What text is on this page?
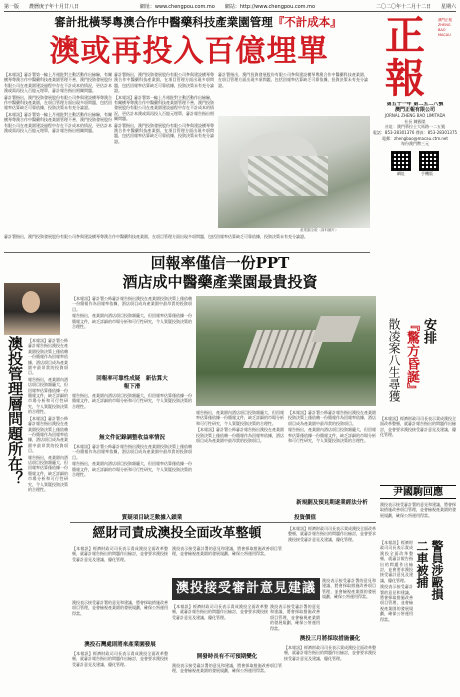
第一版　　農曆庚子年十月廿八日	網址：www.chengpou.com.mo　　網站：http://www.chengpou.com.mo	二〇二〇年十二月十二日　　星期六
審計批橫琴粵澳合作中醫藥科技產業園管理『不計成本』
澳或再投入百億埋單	正
報
澳門正報 ZHENG BAO MACAU
第五十一年 第二五二八號
澳門正報有限公司
JORNAL ZHENG BAO LIMITADA
社長 陳國榮
社址：澳門慕拉士大馬路一二五號
電話：853-28301376 傳真：853-28301375
電郵：zhengbao@macau.ctm.net
每份澳門幣三元
網址　　　　手機版

【本報訊】審計署第一輪上月週批對主動活動作出檢驗，有關橫琴粵澳合作中醫藥科技產業園管理不善，澳門投資發展股份有限公司在產業園建設過程中存在不計成本的情況，更估計本澳或需再投入百億元埋單，審計報告指出相關問題。

審計署指出，澳門投資發展股份有限公司參與建設橫琴粵澳合作中醫藥科技產業園，在項目管理方面出現多項問題，包括回報率估算缺乏可靠依據，投資決策未有充分論證。

【本報訊】審計署第一輪上月週批對主動活動作出檢驗，有關橫琴粵澳合作中醫藥科技產業園管理不善，澳門投資發展股份有限公司在產業園建設過程中存在不計成本的情況，更估計本澳或需再投入百億元埋單，審計報告指出相關問題。

審計署指出，澳門投資發展股份有限公司參與建設橫琴粵澳合作中醫藥科技產業園，在項目管理方面出現多項問題，包括回報率估算缺乏可靠依據，投資決策未有充分論證。

【本報訊】審計署第一輪上月週批對主動活動作出檢驗，有關橫琴粵澳合作中醫藥科技產業園管理不善，澳門投資發展股份有限公司在產業園建設過程中存在不計成本的情況，更估計本澳或需再投入百億元埋單，審計報告指出相關問題。

審計署指出，澳門投資發展股份有限公司參與建設橫琴粵澳合作中醫藥科技產業園，在項目管理方面出現多項問題，包括回報率估算缺乏可靠依據，投資決策未有充分論證。

審計署指出，澳門投資發展股份有限公司參與建設橫琴粵澳合作中醫藥科技產業園，在項目管理方面出現多項問題，包括回報率估算缺乏可靠依據，投資決策未有充分論證。

產業園全貌（資料圖片）

審計署指出，澳門投資發展股份有限公司參與建設橫琴粵澳合作中醫藥科技產業園，在項目管理方面出現多項問題，包括回報率估算缺乏可靠依據，投資決策未有充分論證。

回報率僅信一份PPT
酒店成中醫藥產業園最貴投資
澳投管理層問題所在？	【本報訊】審計署公佈審計報告指出澳投在產業園投資決策上僅依賴一份簡報作為回報率依據，酒店項目成為產業園中最昂貴的投資項目。

報告指出，產業園內酒店項目投資額龐大，但回報率估算僅依據一份簡報文件，缺乏詳細的市場分析和可行性研究，令人質疑投資決策的合理性。

【本報訊】審計署公佈審計報告指出澳投在產業園投資決策上僅依賴一份簡報作為回報率依據，酒店項目成為產業園中最昂貴的投資項目。

報告指出，產業園內酒店項目投資額龐大，但回報率估算僅依據一份簡報文件，缺乏詳細的市場分析和可行性研究，令人質疑投資決策的合理性。

【本報訊】審計署公佈審計報告指出澳投在產業園投資決策上僅依賴一份簡報作為回報率依據，酒店項目成為產業園中最昂貴的投資項目。

報告指出，產業園內酒店項目投資額龐大，但回報率估算僅依據一份簡報文件，缺乏詳細的市場分析和可行性研究，令人質疑投資決策的合理性。

回報率可靠性成疑　新估算大
報下滑

報告指出，產業園內酒店項目投資額龐大，但回報率估算僅依據一份簡報文件，缺乏詳細的市場分析和可行性研究，令人質疑投資決策的合理性。

無文件記錄調整收益率情況

【本報訊】審計署公佈審計報告指出澳投在產業園投資決策上僅依賴一份簡報作為回報率依據，酒店項目成為產業園中最昂貴的投資項目。

報告指出，產業園內酒店項目投資額龐大，但回報率估算僅依據一份簡報文件，缺乏詳細的市場分析和可行性研究，令人質疑投資決策的合理性。

質疑項目缺乏數據入鎖業	投資價值

報告指出，產業園內酒店項目投資額龐大，但回報率估算僅依據一份簡報文件，缺乏詳細的市場分析和可行性研究，令人質疑投資決策的合理性。

【本報訊】審計署公佈審計報告指出澳投在產業園投資決策上僅依賴一份簡報作為回報率依據，酒店項目成為產業園中最昂貴的投資項目。

【本報訊】審計署公佈審計報告指出澳投在產業園投資決策上僅依賴一份簡報作為回報率依據，酒店項目成為產業園中最昂貴的投資項目。

報告指出，產業園內酒店項目投資額龐大，但回報率估算僅依據一份簡報文件，缺乏詳細的市場分析和可行性研究，令人質疑投資決策的合理性。

新規劃及預見期遂業經法分析
安排
『驚方昏誕』
散凌案八生尋獲

【本報訊】經濟財政司司長表示責成澳投全面改革整頓，就審計報告指出的問題作出檢討，並會要求澳投接受審計意見及建議，優化管理。

尹國駒回應

澳投表示接受審計署的意見和建議，將會採取措施改善項目管理，並會檢視產業園的發展規劃，確保公帑運用得當。

警員涉毆損
二車被捕

【本報訊】經濟財政司司長表示責成澳投全面改革整頓，就審計報告指出的問題作出檢討，並會要求澳投接受審計意見及建議，優化管理。

澳投表示接受審計署的意見和建議，將會採取措施改善項目管理，並會檢視產業園的發展規劃，確保公帑運用得當。

經財司責成澳投全面改革整頓

【本報訊】經濟財政司司長表示責成澳投全面改革整頓，就審計報告指出的問題作出檢討，並會要求澳投接受審計意見及建議，優化管理。

澳投表示接受審計署的意見和建議，將會採取措施改善項目管理，並會檢視產業園的發展規劃，確保公帑運用得當。

【本報訊】經濟財政司司長表示責成澳投全面改革整頓，就審計報告指出的問題作出檢討，並會要求澳投接受審計意見及建議，優化管理。

澳投接受審計意見建議

澳投表示接受審計署的意見和建議，將會採取措施改善項目管理，並會檢視產業園的發展規劃，確保公帑運用得當。

澳投表示接受審計署的意見和建議，將會採取措施改善項目管理，並會檢視產業園的發展規劃，確保公帑運用得當。

澳投石灣處則將來產業園發展

【本報訊】經濟財政司司長表示責成澳投全面改革整頓，就審計報告指出的問題作出檢討，並會要求澳投接受審計意見及建議，優化管理。

【本報訊】經濟財政司司長表示責成澳投全面改革整頓，就審計報告指出的問題作出檢討，並會要求澳投接受審計意見及建議，優化管理。

開發時長有不可預期變化

澳投表示接受審計署的意見和建議，將會採取措施改善項目管理，並會檢視產業園的發展規劃，確保公帑運用得當。

澳投表示接受審計署的意見和建議，將會採取措施改善項目管理，並會檢視產業園的發展規劃，確保公帑運用得當。

澳投三月將採取措施優化

【本報訊】經濟財政司司長表示責成澳投全面改革整頓，就審計報告指出的問題作出檢討，並會要求澳投接受審計意見及建議，優化管理。
